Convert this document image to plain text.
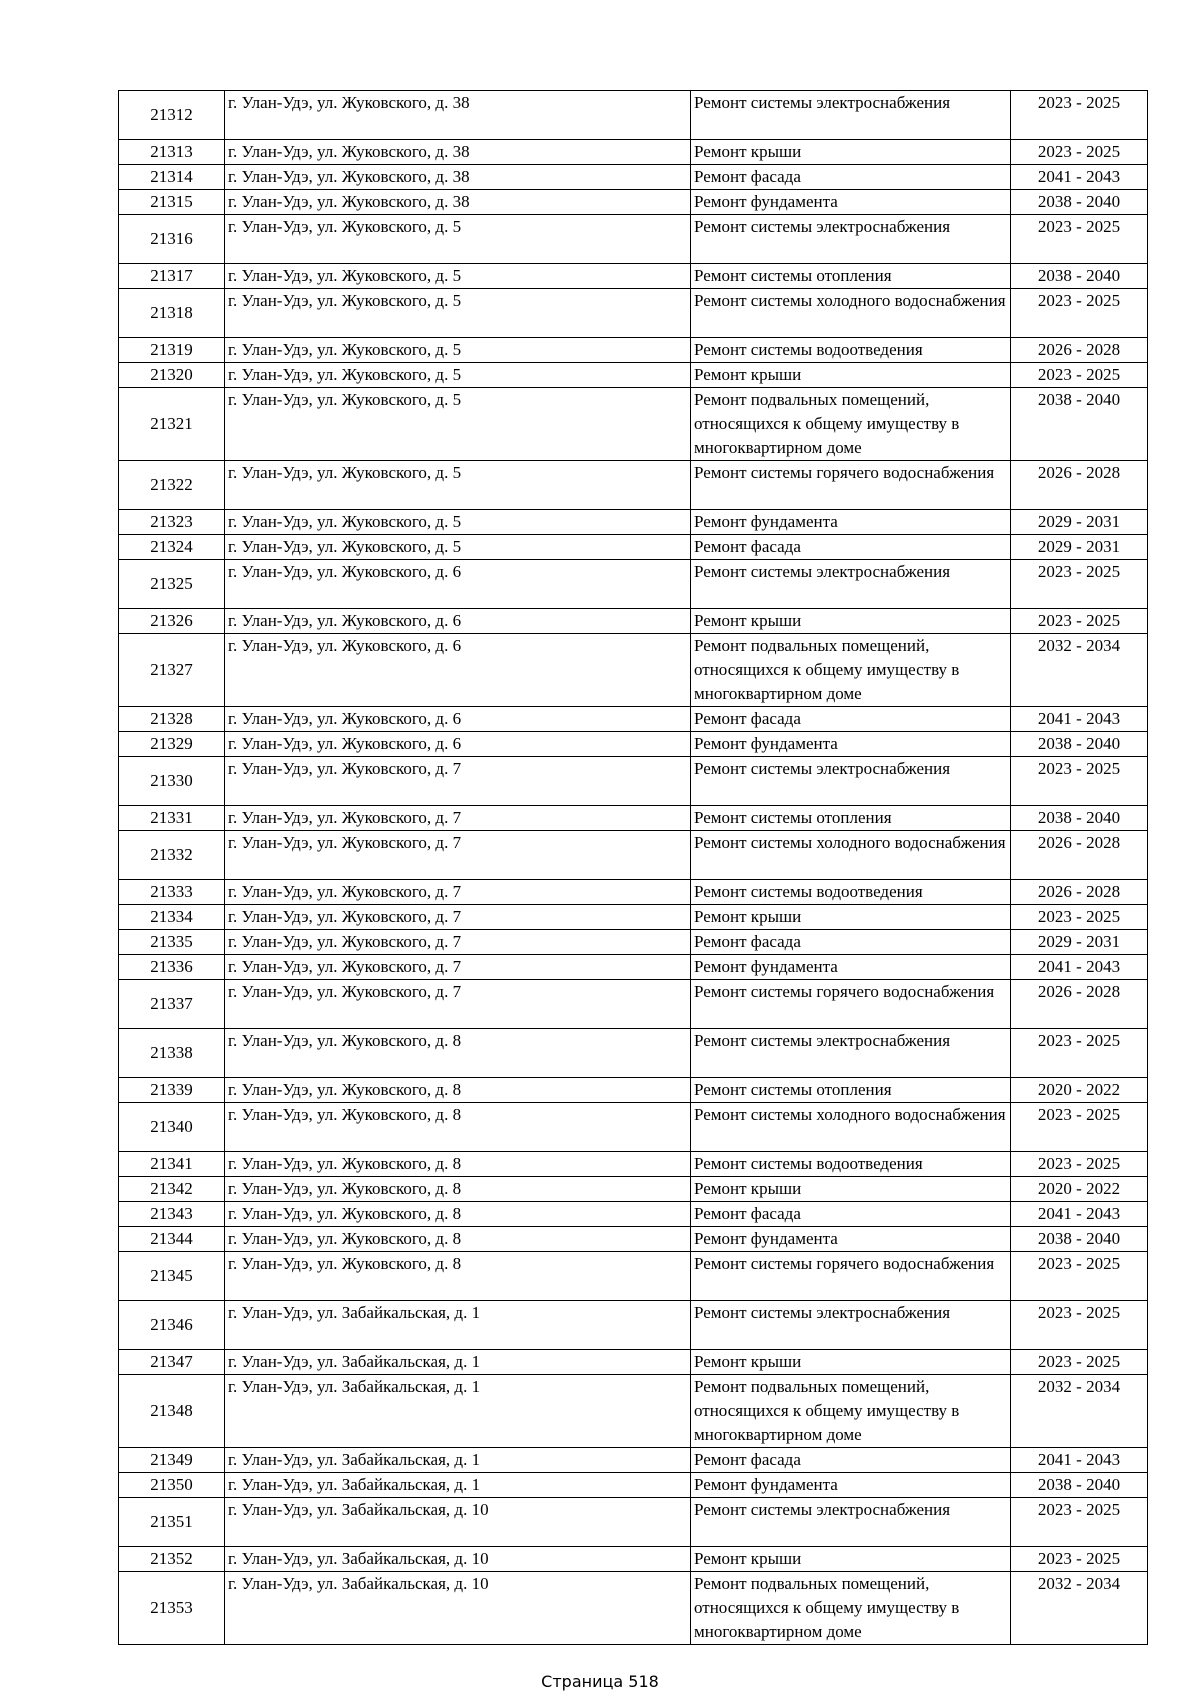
21312	г. Улан-Удэ, ул. Жуковского, д. 38	Ремонт системы электроснабжения	2023 - 2025
21313	г. Улан-Удэ, ул. Жуковского, д. 38	Ремонт крыши	2023 - 2025
21314	г. Улан-Удэ, ул. Жуковского, д. 38	Ремонт фасада	2041 - 2043
21315	г. Улан-Удэ, ул. Жуковского, д. 38	Ремонт фундамента	2038 - 2040
21316	г. Улан-Удэ, ул. Жуковского, д. 5	Ремонт системы электроснабжения	2023 - 2025
21317	г. Улан-Удэ, ул. Жуковского, д. 5	Ремонт системы отопления	2038 - 2040
21318	г. Улан-Удэ, ул. Жуковского, д. 5	Ремонт системы холодного водоснабжения	2023 - 2025
21319	г. Улан-Удэ, ул. Жуковского, д. 5	Ремонт системы водоотведения	2026 - 2028
21320	г. Улан-Удэ, ул. Жуковского, д. 5	Ремонт крыши	2023 - 2025
21321	г. Улан-Удэ, ул. Жуковского, д. 5	Ремонт подвальных помещений, относящихся к общему имуществу в многоквартирном доме	2038 - 2040
21322	г. Улан-Удэ, ул. Жуковского, д. 5	Ремонт системы горячего водоснабжения	2026 - 2028
21323	г. Улан-Удэ, ул. Жуковского, д. 5	Ремонт фундамента	2029 - 2031
21324	г. Улан-Удэ, ул. Жуковского, д. 5	Ремонт фасада	2029 - 2031
21325	г. Улан-Удэ, ул. Жуковского, д. 6	Ремонт системы электроснабжения	2023 - 2025
21326	г. Улан-Удэ, ул. Жуковского, д. 6	Ремонт крыши	2023 - 2025
21327	г. Улан-Удэ, ул. Жуковского, д. 6	Ремонт подвальных помещений, относящихся к общему имуществу в многоквартирном доме	2032 - 2034
21328	г. Улан-Удэ, ул. Жуковского, д. 6	Ремонт фасада	2041 - 2043
21329	г. Улан-Удэ, ул. Жуковского, д. 6	Ремонт фундамента	2038 - 2040
21330	г. Улан-Удэ, ул. Жуковского, д. 7	Ремонт системы электроснабжения	2023 - 2025
21331	г. Улан-Удэ, ул. Жуковского, д. 7	Ремонт системы отопления	2038 - 2040
21332	г. Улан-Удэ, ул. Жуковского, д. 7	Ремонт системы холодного водоснабжения	2026 - 2028
21333	г. Улан-Удэ, ул. Жуковского, д. 7	Ремонт системы водоотведения	2026 - 2028
21334	г. Улан-Удэ, ул. Жуковского, д. 7	Ремонт крыши	2023 - 2025
21335	г. Улан-Удэ, ул. Жуковского, д. 7	Ремонт фасада	2029 - 2031
21336	г. Улан-Удэ, ул. Жуковского, д. 7	Ремонт фундамента	2041 - 2043
21337	г. Улан-Удэ, ул. Жуковского, д. 7	Ремонт системы горячего водоснабжения	2026 - 2028
21338	г. Улан-Удэ, ул. Жуковского, д. 8	Ремонт системы электроснабжения	2023 - 2025
21339	г. Улан-Удэ, ул. Жуковского, д. 8	Ремонт системы отопления	2020 - 2022
21340	г. Улан-Удэ, ул. Жуковского, д. 8	Ремонт системы холодного водоснабжения	2023 - 2025
21341	г. Улан-Удэ, ул. Жуковского, д. 8	Ремонт системы водоотведения	2023 - 2025
21342	г. Улан-Удэ, ул. Жуковского, д. 8	Ремонт крыши	2020 - 2022
21343	г. Улан-Удэ, ул. Жуковского, д. 8	Ремонт фасада	2041 - 2043
21344	г. Улан-Удэ, ул. Жуковского, д. 8	Ремонт фундамента	2038 - 2040
21345	г. Улан-Удэ, ул. Жуковского, д. 8	Ремонт системы горячего водоснабжения	2023 - 2025
21346	г. Улан-Удэ, ул. Забайкальская, д. 1	Ремонт системы электроснабжения	2023 - 2025
21347	г. Улан-Удэ, ул. Забайкальская, д. 1	Ремонт крыши	2023 - 2025
21348	г. Улан-Удэ, ул. Забайкальская, д. 1	Ремонт подвальных помещений, относящихся к общему имуществу в многоквартирном доме	2032 - 2034
21349	г. Улан-Удэ, ул. Забайкальская, д. 1	Ремонт фасада	2041 - 2043
21350	г. Улан-Удэ, ул. Забайкальская, д. 1	Ремонт фундамента	2038 - 2040
21351	г. Улан-Удэ, ул. Забайкальская, д. 10	Ремонт системы электроснабжения	2023 - 2025
21352	г. Улан-Удэ, ул. Забайкальская, д. 10	Ремонт крыши	2023 - 2025
21353	г. Улан-Удэ, ул. Забайкальская, д. 10	Ремонт подвальных помещений, относящихся к общему имуществу в многоквартирном доме	2032 - 2034
Страница 518
